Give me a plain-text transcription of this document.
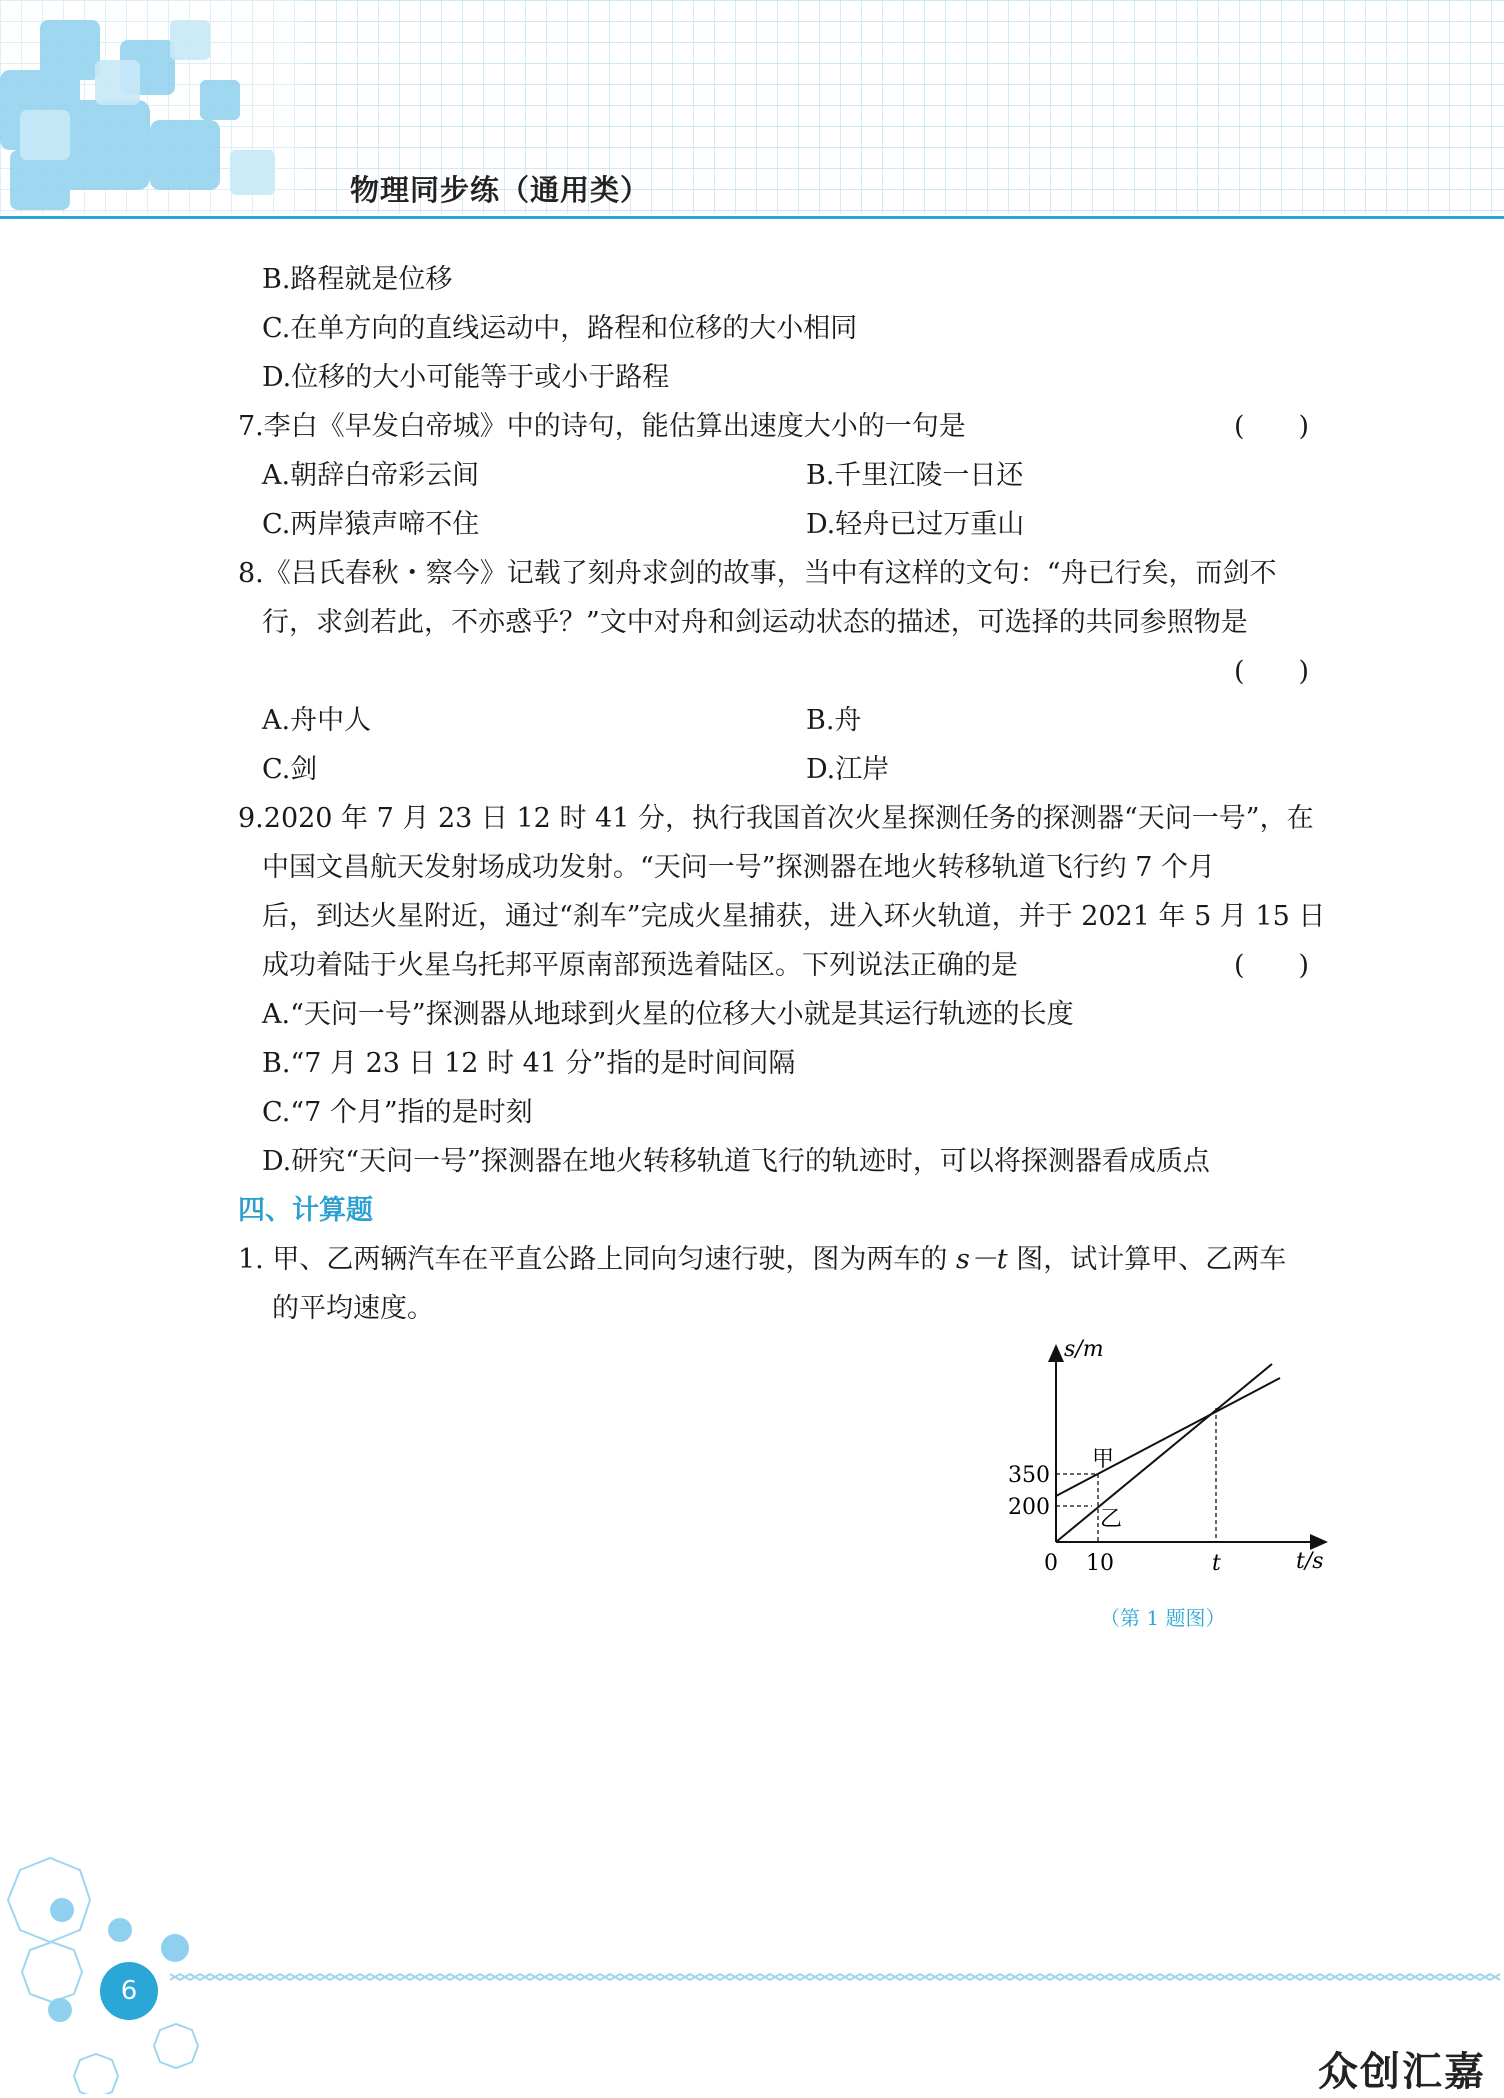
物理同步练（通用类）
B.路程就是位移
C.在单方向的直线运动中，路程和位移的大小相同
D.位移的大小可能等于或小于路程
7.李白《早发白帝城》中的诗句，能估算出速度大小的一句是	(　　)
A.朝辞白帝彩云间	B.千里江陵一日还
C.两岸猿声啼不住	D.轻舟已过万重山
8.《吕氏春秋・察今》记载了刻舟求剑的故事，当中有这样的文句：“舟已行矣，而剑不
行，求剑若此，不亦惑乎？”文中对舟和剑运动状态的描述，可选择的共同参照物是
(　　)
A.舟中人	B.舟
C.剑	D.江岸
9.2020 年 7 月 23 日 12 时 41 分，执行我国首次火星探测任务的探测器“天问一号”，在
中国文昌航天发射场成功发射。“天问一号”探测器在地火转移轨道飞行约 7 个月
后，到达火星附近，通过“刹车”完成火星捕获，进入环火轨道，并于 2021 年 5 月 15 日
成功着陆于火星乌托邦平原南部预选着陆区。下列说法正确的是	(　　)
A.“天问一号”探测器从地球到火星的位移大小就是其运行轨迹的长度
B.“7 月 23 日 12 时 41 分”指的是时间间隔
C.“7 个月”指的是时刻
D.研究“天问一号”探测器在地火转移轨道飞行的轨迹时，可以将探测器看成质点
四、计算题
1. 甲、乙两辆汽车在平直公路上同向匀速行驶，图为两车的 s－t 图，试计算甲、乙两车
的平均速度。
s/m
t/s
0
350
200
10	t
甲
乙
（第 1 题图）
6
众创汇嘉
